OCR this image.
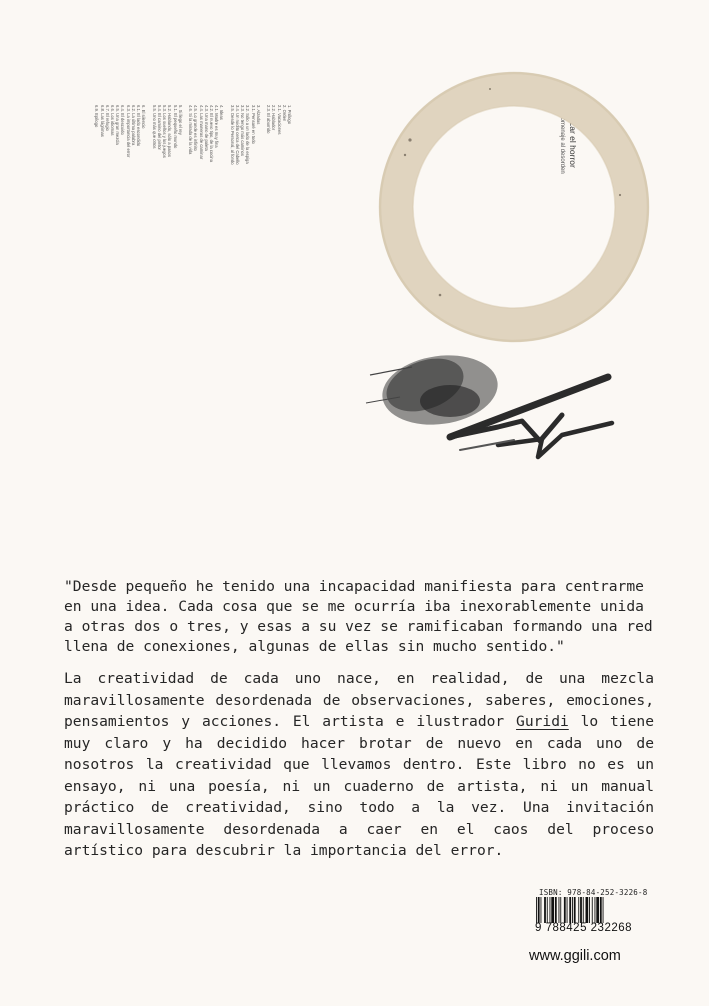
1. Prólogo
2. Orden
2.1. Vacaciones
2.2. Hablador
2.3. El aburrido

3. Alzadas
3.1. Pensaré en todo
3.2. Sólo a un lado de la espiga
3.3. No tengo más caminos
3.4. Un ruidito cerca del Cabello
3.5. Desde lo Personal, al fondo

4. Ideas
4.1. Madre es muy fina
4.2. El nuevo tipo, de la cocina
4.3. Una mano de paleta
4.4. Las maneras de caminar
4.5. Lo grande es infinito
4.6. Si la mirada de la vida

5. Si llego el rey
5.1. El pequeño mundo
5.2. Hablando, sólo a pasos
5.3. Los sueños y los juegos
5.4. El camino del pintor
5.5. Uno más que otros

6. El silencio
6.1. El lado escondido
6.2. La última palabra
6.3. La importancia del error
6.4. El descuido
6.5. Una gran mezcla
6.6. Los idiomas
6.7. El refugio
6.8. Las lágrimas
6.9. Epílogo	abrazar el horror
Un homenaje al desorden

"Desde pequeño he tenido una incapacidad manifiesta para centrarme en una idea. Cada cosa que se me ocurría iba inexorablemente unida a otras dos o tres, y esas a su vez se ramificaban formando una red llena de conexiones, algunas de ellas sin mucho sentido."

La creatividad de cada uno nace, en realidad, de una mezcla maravillosamente desordenada de observaciones, saberes, emociones, pensamientos y acciones. El artista e ilustrador Guridi lo tiene muy claro y ha decidido hacer brotar de nuevo en cada uno de nosotros la creatividad que llevamos dentro. Este libro no es un ensayo, ni una poesía, ni un cuaderno de artista, ni un manual práctico de creatividad, sino todo a la vez. Una invitación maravillosamente desordenada a caer en el caos del proceso artístico para descubrir la importancia del error.

ISBN: 978-84-252-3226-8
9 788425 232268
www.ggili.com
